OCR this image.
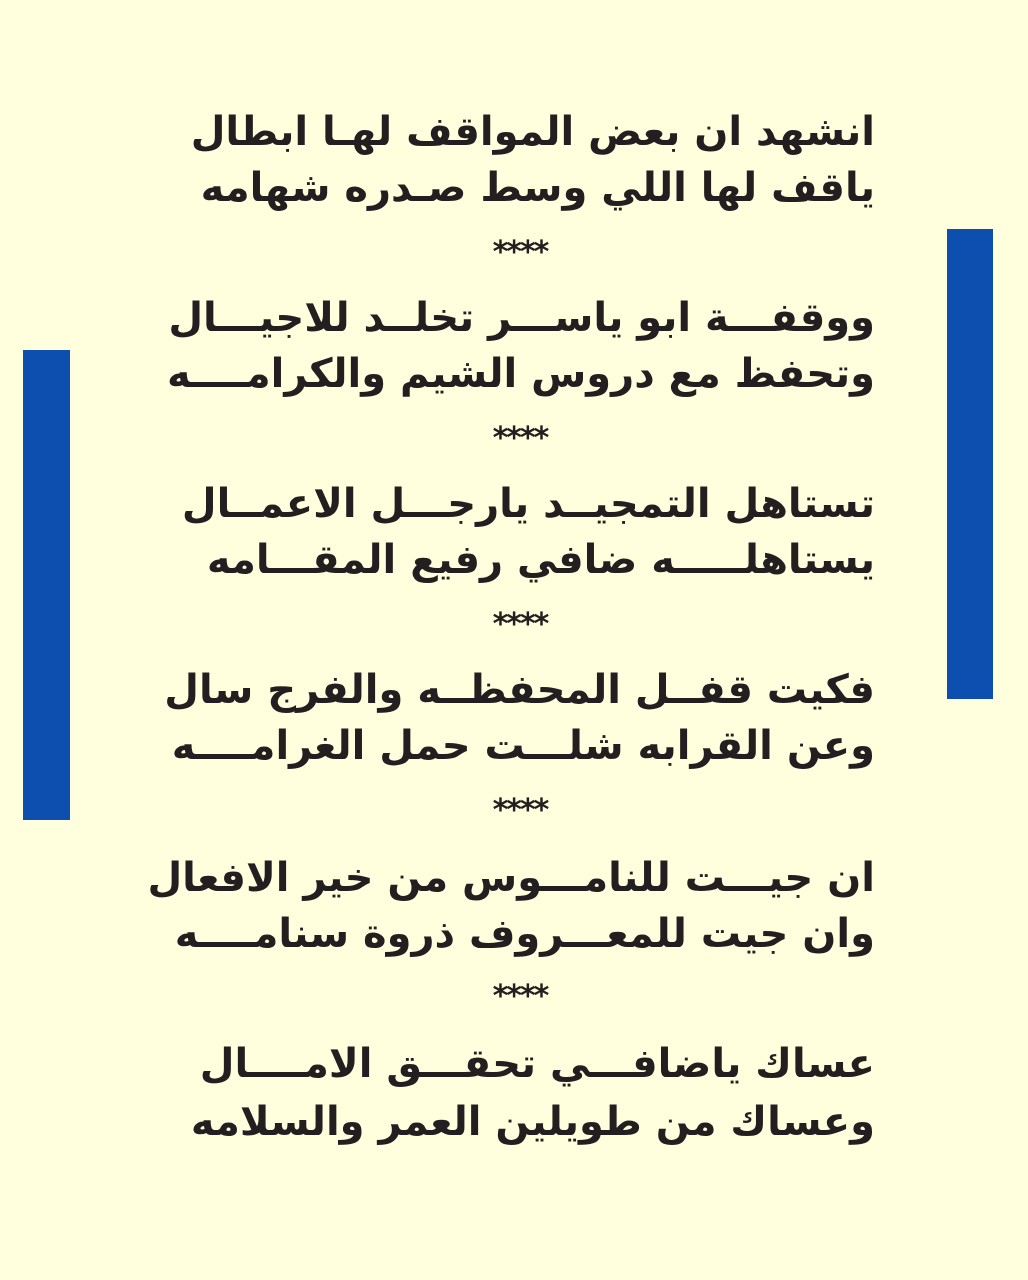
انشهد ان بعض المواقف لهـا ابطال
ياقف لها اللي وسط صـدره شهامه
****
ووقفـــة ابو ياســـر تخلــد للاجيـــال
وتحفظ مع دروس الشيم والكرامــــه
****
تستاهل التمجيــد يارجـــل الاعمــال
يستاهلـــــه ضافي رفيع المقـــامه
****
فكيت قفــل المحفظــه والفرج سال
وعن القرابه شلـــت حمل الغرامــــه
****
ان جيـــت للنامـــوس من خير الافعال
وان جيت للمعـــروف ذروة سنامــــه
****
عساك ياضافـــي تحقـــق الامــــال
وعساك من طويلين العمر والسلامه
